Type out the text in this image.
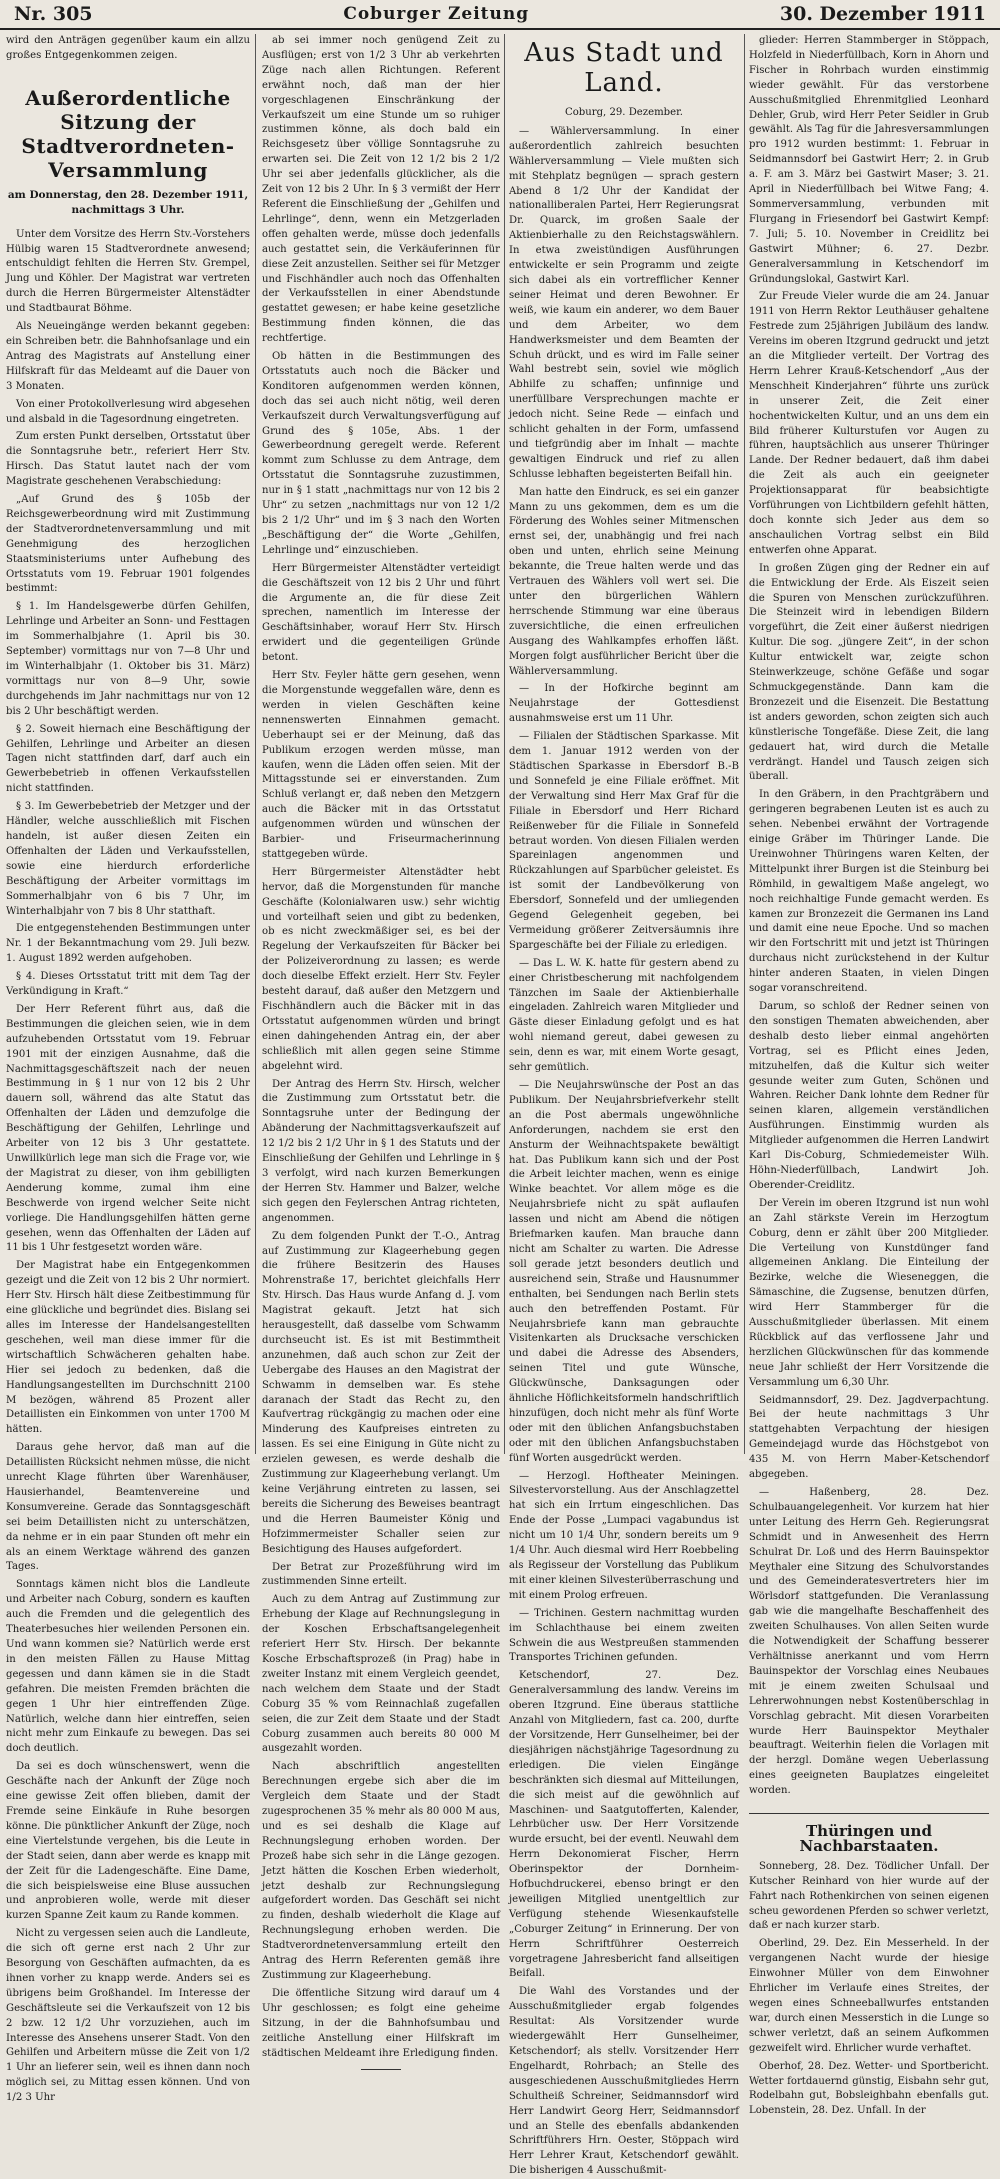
Nr. 305	Coburger Zeitung	30. Dezember 1911

wird den Anträgen gegenüber kaum ein allzu großes Entgegenkommen zeigen.

Außerordentliche Sitzung der Stadtverordneten-Versammlung
am Donnerstag, den 28. Dezember 1911, nachmittags 3 Uhr.

Unter dem Vorsitze des Herrn Stv.-Vorstehers Hülbig waren 15 Stadtverordnete anwesend; entschuldigt fehlten die Herren Stv. Grempel, Jung und Köhler. Der Magistrat war vertreten durch die Herren Bürgermeister Altenstädter und Stadtbaurat Böhme.

Als Neueingänge werden bekannt gegeben: ein Schreiben betr. die Bahnhofsanlage und ein Antrag des Magistrats auf Anstellung einer Hilfskraft für das Meldeamt auf die Dauer von 3 Monaten.

Von einer Protokollverlesung wird abgesehen und alsbald in die Tagesordnung eingetreten.

Zum ersten Punkt derselben, Ortsstatut über die Sonntagsruhe betr., referiert Herr Stv. Hirsch. Das Statut lautet nach der vom Magistrate geschehenen Verabschiedung:

„Auf Grund des § 105b der Reichsgewerbeordnung wird mit Zustimmung der Stadtverordnetenversammlung und mit Genehmigung des herzoglichen Staatsministeriums unter Aufhebung des Ortsstatuts vom 19. Februar 1901 folgendes bestimmt:

§ 1. Im Handelsgewerbe dürfen Gehilfen, Lehrlinge und Arbeiter an Sonn- und Festtagen im Sommerhalbjahre (1. April bis 30. September) vormittags nur von 7—8 Uhr und im Winterhalbjahr (1. Oktober bis 31. März) vormittags nur von 8—9 Uhr, sowie durchgehends im Jahr nachmittags nur von 12 bis 2 Uhr beschäftigt werden.

§ 2. Soweit hiernach eine Beschäftigung der Gehilfen, Lehrlinge und Arbeiter an diesen Tagen nicht stattfinden darf, darf auch ein Gewerbebetrieb in offenen Verkaufsstellen nicht stattfinden.

§ 3. Im Gewerbebetrieb der Metzger und der Händler, welche ausschließlich mit Fischen handeln, ist außer diesen Zeiten ein Offenhalten der Läden und Verkaufsstellen, sowie eine hierdurch erforderliche Beschäftigung der Arbeiter vormittags im Sommerhalbjahr von 6 bis 7 Uhr, im Winterhalbjahr von 7 bis 8 Uhr statthaft.

Die entgegenstehenden Bestimmungen unter Nr. 1 der Bekanntmachung vom 29. Juli bezw. 1. August 1892 werden aufgehoben.

§ 4. Dieses Ortsstatut tritt mit dem Tag der Verkündigung in Kraft.“

Der Herr Referent führt aus, daß die Bestimmungen die gleichen seien, wie in dem aufzuhebenden Ortsstatut vom 19. Februar 1901 mit der einzigen Ausnahme, daß die Nachmittagsgeschäftszeit nach der neuen Bestimmung in § 1 nur von 12 bis 2 Uhr dauern soll, während das alte Statut das Offenhalten der Läden und demzufolge die Beschäftigung der Gehilfen, Lehrlinge und Arbeiter von 12 bis 3 Uhr gestattete. Unwillkürlich lege man sich die Frage vor, wie der Magistrat zu dieser, von ihm gebilligten Aenderung komme, zumal ihm eine Beschwerde von irgend welcher Seite nicht vorliege. Die Handlungsgehilfen hätten gerne gesehen, wenn das Offenhalten der Läden auf 11 bis 1 Uhr festgesetzt worden wäre.

Der Magistrat habe ein Entgegenkommen gezeigt und die Zeit von 12 bis 2 Uhr normiert. Herr Stv. Hirsch hält diese Zeitbestimmung für eine glückliche und begründet dies. Bislang sei alles im Interesse der Handelsangestellten geschehen, weil man diese immer für die wirtschaftlich Schwächeren gehalten habe. Hier sei jedoch zu bedenken, daß die Handlungsangestellten im Durchschnitt 2100 M bezögen, während 85 Prozent aller Detaillisten ein Einkommen von unter 1700 M hätten.

Daraus gehe hervor, daß man auf die Detaillisten Rücksicht nehmen müsse, die nicht unrecht Klage führten über Warenhäuser, Hausierhandel, Beamtenvereine und Konsumvereine. Gerade das Sonntagsgeschäft sei beim Detaillisten nicht zu unterschätzen, da nehme er in ein paar Stunden oft mehr ein als an einem Werktage während des ganzen Tages.

Sonntags kämen nicht blos die Landleute und Arbeiter nach Coburg, sondern es kauften auch die Fremden und die gelegentlich des Theaterbesuches hier weilenden Personen ein. Und wann kommen sie? Natürlich werde erst in den meisten Fällen zu Hause Mittag gegessen und dann kämen sie in die Stadt gefahren. Die meisten Fremden brächten die gegen 1 Uhr hier eintreffenden Züge. Natürlich, welche dann hier eintreffen, seien nicht mehr zum Einkaufe zu bewegen. Das sei doch deutlich.

Da sei es doch wünschenswert, wenn die Geschäfte nach der Ankunft der Züge noch eine gewisse Zeit offen blieben, damit der Fremde seine Einkäufe in Ruhe besorgen könne. Die pünktlicher Ankunft der Züge, noch eine Viertelstunde vergehen, bis die Leute in der Stadt seien, dann aber werde es knapp mit der Zeit für die Ladengeschäfte. Eine Dame, die sich beispielsweise eine Bluse aussuchen und anprobieren wolle, werde mit dieser kurzen Spanne Zeit kaum zu Rande kommen.

Nicht zu vergessen seien auch die Landleute, die sich oft gerne erst nach 2 Uhr zur Besorgung von Geschäften aufmachten, da es ihnen vorher zu knapp werde. Anders sei es übrigens beim Großhandel. Im Interesse der Geschäftsleute sei die Verkaufszeit von 12 bis 2 bzw. 12 1/2 Uhr vorzuziehen, auch im Interesse des Ansehens unserer Stadt. Von den Gehilfen und Arbeitern müsse die Zeit von 1/2 1 Uhr an lieferer sein, weil es ihnen dann noch möglich sei, zu Mittag essen können. Und von 1/2 3 Uhr

ab sei immer noch genügend Zeit zu Ausflügen; erst von 1/2 3 Uhr ab verkehrten Züge nach allen Richtungen. Referent erwähnt noch, daß man der hier vorgeschlagenen Einschränkung der Verkaufszeit um eine Stunde um so ruhiger zustimmen könne, als doch bald ein Reichsgesetz über völlige Sonntagsruhe zu erwarten sei. Die Zeit von 12 1/2 bis 2 1/2 Uhr sei aber jedenfalls glücklicher, als die Zeit von 12 bis 2 Uhr. In § 3 vermißt der Herr Referent die Einschließung der „Gehilfen und Lehrlinge“, denn, wenn ein Metzgerladen offen gehalten werde, müsse doch jedenfalls auch gestattet sein, die Verkäuferinnen für diese Zeit anzustellen. Seither sei für Metzger und Fischhändler auch noch das Offenhalten der Verkaufsstellen in einer Abendstunde gestattet gewesen; er habe keine gesetzliche Bestimmung finden können, die das rechtfertige.

Ob hätten in die Bestimmungen des Ortsstatuts auch noch die Bäcker und Konditoren aufgenommen werden können, doch das sei auch nicht nötig, weil deren Verkaufszeit durch Verwaltungsverfügung auf Grund des § 105e, Abs. 1 der Gewerbeordnung geregelt werde. Referent kommt zum Schlusse zu dem Antrage, dem Ortsstatut die Sonntagsruhe zuzustimmen, nur in § 1 statt „nachmittags nur von 12 bis 2 Uhr“ zu setzen „nachmittags nur von 12 1/2 bis 2 1/2 Uhr“ und im § 3 nach den Worten „Beschäftigung der“ die Worte „Gehilfen, Lehrlinge und“ einzuschieben.

Herr Bürgermeister Altenstädter verteidigt die Geschäftszeit von 12 bis 2 Uhr und führt die Argumente an, die für diese Zeit sprechen, namentlich im Interesse der Geschäftsinhaber, worauf Herr Stv. Hirsch erwidert und die gegenteiligen Gründe betont.

Herr Stv. Feyler hätte gern gesehen, wenn die Morgenstunde weggefallen wäre, denn es werden in vielen Geschäften keine nennenswerten Einnahmen gemacht. Ueberhaupt sei er der Meinung, daß das Publikum erzogen werden müsse, man kaufen, wenn die Läden offen seien. Mit der Mittagsstunde sei er einverstanden. Zum Schluß verlangt er, daß neben den Metzgern auch die Bäcker mit in das Ortsstatut aufgenommen würden und wünschen der Barbier- und Friseurmacherinnung stattgegeben würde.

Herr Bürgermeister Altenstädter hebt hervor, daß die Morgenstunden für manche Geschäfte (Kolonialwaren usw.) sehr wichtig und vorteilhaft seien und gibt zu bedenken, ob es nicht zweckmäßiger sei, es bei der Regelung der Verkaufszeiten für Bäcker bei der Polizeiverordnung zu lassen; es werde doch dieselbe Effekt erzielt. Herr Stv. Feyler besteht darauf, daß außer den Metzgern und Fischhändlern auch die Bäcker mit in das Ortsstatut aufgenommen würden und bringt einen dahingehenden Antrag ein, der aber schließlich mit allen gegen seine Stimme abgelehnt wird.

Der Antrag des Herrn Stv. Hirsch, welcher die Zustimmung zum Ortsstatut betr. die Sonntagsruhe unter der Bedingung der Abänderung der Nachmittagsverkaufszeit auf 12 1/2 bis 2 1/2 Uhr in § 1 des Statuts und der Einschließung der Gehilfen und Lehrlinge in § 3 verfolgt, wird nach kurzen Bemerkungen der Herren Stv. Hammer und Balzer, welche sich gegen den Feylerschen Antrag richteten, angenommen.

Zu dem folgenden Punkt der T.-O., Antrag auf Zustimmung zur Klageerhebung gegen die frühere Besitzerin des Hauses Mohrenstraße 17, berichtet gleichfalls Herr Stv. Hirsch. Das Haus wurde Anfang d. J. vom Magistrat gekauft. Jetzt hat sich herausgestellt, daß dasselbe vom Schwamm durchseucht ist. Es ist mit Bestimmtheit anzunehmen, daß auch schon zur Zeit der Uebergabe des Hauses an den Magistrat der Schwamm in demselben war. Es stehe daranach der Stadt das Recht zu, den Kaufvertrag rückgängig zu machen oder eine Minderung des Kaufpreises eintreten zu lassen. Es sei eine Einigung in Güte nicht zu erzielen gewesen, es werde deshalb die Zustimmung zur Klageerhebung verlangt. Um keine Verjährung eintreten zu lassen, sei bereits die Sicherung des Beweises beantragt und die Herren Baumeister König und Hofzimmermeister Schaller seien zur Besichtigung des Hauses aufgefordert.

Der Betrat zur Prozeßführung wird im zustimmenden Sinne erteilt.

Auch zu dem Antrag auf Zustimmung zur Erhebung der Klage auf Rechnungslegung in der Koschen Erbschaftsangelegenheit referiert Herr Stv. Hirsch. Der bekannte Kosche Erbschaftsprozeß (in Prag) habe in zweiter Instanz mit einem Vergleich geendet, nach welchem dem Staate und der Stadt Coburg 35 % vom Reinnachlaß zugefallen seien, die zur Zeit dem Staate und der Stadt Coburg zusammen auch bereits 80 000 M ausgezahlt worden.

Nach abschriftlich angestellten Berechnungen ergebe sich aber die im Vergleich dem Staate und der Stadt zugesprochenen 35 % mehr als 80 000 M aus, und es sei deshalb die Klage auf Rechnungslegung erhoben worden. Der Prozeß habe sich sehr in die Länge gezogen. Jetzt hätten die Koschen Erben wiederholt, jetzt deshalb zur Rechnungslegung aufgefordert worden. Das Geschäft sei nicht zu finden, deshalb wiederholt die Klage auf Rechnungslegung erhoben werden. Die Stadtverordnetenversammlung erteilt den Antrag des Herrn Referenten gemäß ihre Zustimmung zur Klageerhebung.

Die öffentliche Sitzung wird darauf um 4 Uhr geschlossen; es folgt eine geheime Sitzung, in der die Bahnhofsumbau und zeitliche Anstellung einer Hilfskraft im städtischen Meldeamt ihre Erledigung finden.

Aus Stadt und Land.
Coburg, 29. Dezember.

— Wählerversammlung. In einer außerordentlich zahlreich besuchten Wählerversammlung — Viele mußten sich mit Stehplatz begnügen — sprach gestern Abend 8 1/2 Uhr der Kandidat der nationalliberalen Partei, Herr Regierungsrat Dr. Quarck, im großen Saale der Aktienbierhalle zu den Reichstagswählern. In etwa zweistündigen Ausführungen entwickelte er sein Programm und zeigte sich dabei als ein vortrefflicher Kenner seiner Heimat und deren Bewohner. Er weiß, wie kaum ein anderer, wo dem Bauer und dem Arbeiter, wo dem Handwerksmeister und dem Beamten der Schuh drückt, und es wird im Falle seiner Wahl bestrebt sein, soviel wie möglich Abhilfe zu schaffen; unfinnige und unerfüllbare Versprechungen machte er jedoch nicht. Seine Rede — einfach und schlicht gehalten in der Form, umfassend und tiefgründig aber im Inhalt — machte gewaltigen Eindruck und rief zu allen Schlusse lebhaften begeisterten Beifall hin.

Man hatte den Eindruck, es sei ein ganzer Mann zu uns gekommen, dem es um die Förderung des Wohles seiner Mitmenschen ernst sei, der, unabhängig und frei nach oben und unten, ehrlich seine Meinung bekannte, die Treue halten werde und das Vertrauen des Wählers voll wert sei. Die unter den bürgerlichen Wählern herrschende Stimmung war eine überaus zuversichtliche, die einen erfreulichen Ausgang des Wahlkampfes erhoffen läßt. Morgen folgt ausführlicher Bericht über die Wählerversammlung.

— In der Hofkirche beginnt am Neujahrstage der Gottesdienst ausnahmsweise erst um 11 Uhr.

— Filialen der Städtischen Sparkasse. Mit dem 1. Januar 1912 werden von der Städtischen Sparkasse in Ebersdorf B.-B und Sonnefeld je eine Filiale eröffnet. Mit der Verwaltung sind Herr Max Graf für die Filiale in Ebersdorf und Herr Richard Reißenweber für die Filiale in Sonnefeld betraut worden. Von diesen Filialen werden Spareinlagen angenommen und Rückzahlungen auf Sparbücher geleistet. Es ist somit der Landbevölkerung von Ebersdorf, Sonnefeld und der umliegenden Gegend Gelegenheit gegeben, bei Vermeidung größerer Zeitversäumnis ihre Spargeschäfte bei der Filiale zu erledigen.

— Das L. W. K. hatte für gestern abend zu einer Christbescherung mit nachfolgendem Tänzchen im Saale der Aktienbierhalle eingeladen. Zahlreich waren Mitglieder und Gäste dieser Einladung gefolgt und es hat wohl niemand gereut, dabei gewesen zu sein, denn es war, mit einem Worte gesagt, sehr gemütlich.

— Die Neujahrswünsche der Post an das Publikum. Der Neujahrsbriefverkehr stellt an die Post abermals ungewöhnliche Anforderungen, nachdem sie erst den Ansturm der Weihnachtspakete bewältigt hat. Das Publikum kann sich und der Post die Arbeit leichter machen, wenn es einige Winke beachtet. Vor allem möge es die Neujahrsbriefe nicht zu spät auflaufen lassen und nicht am Abend die nötigen Briefmarken kaufen. Man brauche dann nicht am Schalter zu warten. Die Adresse soll gerade jetzt besonders deutlich und ausreichend sein, Straße und Hausnummer enthalten, bei Sendungen nach Berlin stets auch den betreffenden Postamt. Für Neujahrsbriefe kann man gebrauchte Visitenkarten als Drucksache verschicken und dabei die Adresse des Absenders, seinen Titel und gute Wünsche, Glückwünsche, Danksagungen oder ähnliche Höflichkeitsformeln handschriftlich hinzufügen, doch nicht mehr als fünf Worte oder mit den üblichen Anfangsbuchstaben oder mit den üblichen Anfangsbuchstaben fünf Worten ausgedrückt werden.

— Herzogl. Hoftheater Meiningen. Silvestervorstellung. Aus der Anschlagzettel hat sich ein Irrtum eingeschlichen. Das Ende der Posse „Lumpaci vagabundus ist nicht um 10 1/4 Uhr, sondern bereits um 9 1/4 Uhr. Auch diesmal wird Herr Roebbeling als Regisseur der Vorstellung das Publikum mit einer kleinen Silvesterüberraschung und mit einem Prolog erfreuen.

— Trichinen. Gestern nachmittag wurden im Schlachthause bei einem zweiten Schwein die aus Westpreußen stammenden Transportes Trichinen gefunden.

Ketschendorf, 27. Dez. Generalversammlung des landw. Vereins im oberen Itzgrund. Eine überaus stattliche Anzahl von Mitgliedern, fast ca. 200, durfte der Vorsitzende, Herr Gunselheimer, bei der diesjährigen nächstjährige Tagesordnung zu erledigen. Die vielen Eingänge beschränkten sich diesmal auf Mitteilungen, die sich meist auf die gewöhnlich auf Maschinen- und Saatgutofferten, Kalender, Lehrbücher usw. Der Herr Vorsitzende wurde ersucht, bei der eventl. Neuwahl dem Herrn Dekonomierat Fischer, Herrn Oberinspektor der Dornheim-Hofbuchdruckerei, ebenso bringt er den jeweiligen Mitglied unentgeltlich zur Verfügung stehende Wiesenkaufstelle „Coburger Zeitung“ in Erinnerung. Der von Herrn Schriftführer Oesterreich vorgetragene Jahresbericht fand allseitigen Beifall.

Die Wahl des Vorstandes und der Ausschußmitglieder ergab folgendes Resultat: Als Vorsitzender wurde wiedergewählt Herr Gunselheimer, Ketschendorf; als stellv. Vorsitzender Herr Engelhardt, Rohrbach; an Stelle des ausgeschiedenen Ausschußmitgliedes Herrn Schultheiß Schreiner, Seidmannsdorf wird Herr Landwirt Georg Herr, Seidmannsdorf und an Stelle des ebenfalls abdankenden Schriftführers Hrn. Oester, Stöppach wird Herr Lehrer Kraut, Ketschendorf gewählt. Die bisherigen 4 Ausschußmit-

glieder: Herren Stammberger in Stöppach, Holzfeld in Niederfüllbach, Korn in Ahorn und Fischer in Rohrbach wurden einstimmig wieder gewählt. Für das verstorbene Ausschußmitglied Ehrenmitglied Leonhard Dehler, Grub, wird Herr Peter Seidler in Grub gewählt. Als Tag für die Jahresversammlungen pro 1912 wurden bestimmt: 1. Februar in Seidmannsdorf bei Gastwirt Herr; 2. in Grub a. F. am 3. März bei Gastwirt Maser; 3. 21. April in Niederfüllbach bei Witwe Fang; 4. Sommerversammlung, verbunden mit Flurgang in Friesendorf bei Gastwirt Kempf: 7. Juli; 5. 10. November in Creidlitz bei Gastwirt Mühner; 6. 27. Dezbr. Generalversammlung in Ketschendorf im Gründungslokal, Gastwirt Karl.

Zur Freude Vieler wurde die am 24. Januar 1911 von Herrn Rektor Leuthäuser gehaltene Festrede zum 25jährigen Jubiläum des landw. Vereins im oberen Itzgrund gedruckt und jetzt an die Mitglieder verteilt. Der Vortrag des Herrn Lehrer Krauß-Ketschendorf „Aus der Menschheit Kinderjahren“ führte uns zurück in unserer Zeit, die Zeit einer hochentwickelten Kultur, und an uns dem ein Bild früherer Kulturstufen vor Augen zu führen, hauptsächlich aus unserer Thüringer Lande. Der Redner bedauert, daß ihm dabei die Zeit als auch ein geeigneter Projektionsapparat für beabsichtigte Vorführungen von Lichtbildern gefehlt hätten, doch konnte sich Jeder aus dem so anschaulichen Vortrag selbst ein Bild entwerfen ohne Apparat.

In großen Zügen ging der Redner ein auf die Entwicklung der Erde. Als Eiszeit seien die Spuren von Menschen zurückzuführen. Die Steinzeit wird in lebendigen Bildern vorgeführt, die Zeit einer äußerst niedrigen Kultur. Die sog. „jüngere Zeit“, in der schon Kultur entwickelt war, zeigte schon Steinwerkzeuge, schöne Gefäße und sogar Schmuckgegenstände. Dann kam die Bronzezeit und die Eisenzeit. Die Bestattung ist anders geworden, schon zeigten sich auch künstlerische Tongefäße. Diese Zeit, die lang gedauert hat, wird durch die Metalle verdrängt. Handel und Tausch zeigen sich überall.

In den Gräbern, in den Prachtgräbern und geringeren begrabenen Leuten ist es auch zu sehen. Nebenbei erwähnt der Vortragende einige Gräber im Thüringer Lande. Die Ureinwohner Thüringens waren Kelten, der Mittelpunkt ihrer Burgen ist die Steinburg bei Römhild, in gewaltigem Maße angelegt, wo noch reichhaltige Funde gemacht werden. Es kamen zur Bronzezeit die Germanen ins Land und damit eine neue Epoche. Und so machen wir den Fortschritt mit und jetzt ist Thüringen durchaus nicht zurückstehend in der Kultur hinter anderen Staaten, in vielen Dingen sogar voranschreitend.

Darum, so schloß der Redner seinen von den sonstigen Thematen abweichenden, aber deshalb desto lieber einmal angehörten Vortrag, sei es Pflicht eines Jeden, mitzuhelfen, daß die Kultur sich weiter gesunde weiter zum Guten, Schönen und Wahren. Reicher Dank lohnte dem Redner für seinen klaren, allgemein verständlichen Ausführungen. Einstimmig wurden als Mitglieder aufgenommen die Herren Landwirt Karl Dis-Coburg, Schmiedemeister Wilh. Höhn-Niederfüllbach, Landwirt Joh. Oberender-Creidlitz.

Der Verein im oberen Itzgrund ist nun wohl an Zahl stärkste Verein im Herzogtum Coburg, denn er zählt über 200 Mitglieder. Die Verteilung von Kunstdünger fand allgemeinen Anklang. Die Einteilung der Bezirke, welche die Wieseneggen, die Sämaschine, die Zugsense, benutzen dürfen, wird Herr Stammberger für die Ausschußmitglieder überlassen. Mit einem Rückblick auf das verflossene Jahr und herzlichen Glückwünschen für das kommende neue Jahr schließt der Herr Vorsitzende die Versammlung um 6,30 Uhr.

Seidmannsdorf, 29. Dez. Jagdverpachtung. Bei der heute nachmittags 3 Uhr stattgehabten Verpachtung der hiesigen Gemeindejagd wurde das Höchstgebot von 435 M. von Herrn Maber-Ketschendorf abgegeben.

— Haßenberg, 28. Dez. Schulbauangelegenheit. Vor kurzem hat hier unter Leitung des Herrn Geh. Regierungsrat Schmidt und in Anwesenheit des Herrn Schulrat Dr. Loß und des Herrn Bauinspektor Meythaler eine Sitzung des Schulvorstandes und des Gemeinderatesvertreters hier im Wörlsdorf stattgefunden. Die Veranlassung gab wie die mangelhafte Beschaffenheit des zweiten Schulhauses. Von allen Seiten wurde die Notwendigkeit der Schaffung besserer Verhältnisse anerkannt und vom Herrn Bauinspektor der Vorschlag eines Neubaues mit je einem zweiten Schulsaal und Lehrerwohnungen nebst Kostenüberschlag in Vorschlag gebracht. Mit diesen Vorarbeiten wurde Herr Bauinspektor Meythaler beauftragt. Weiterhin fielen die Vorlagen mit der herzgl. Domäne wegen Ueberlassung eines geeigneten Bauplatzes eingeleitet worden.

Thüringen und Nachbarstaaten.

Sonneberg, 28. Dez. Tödlicher Unfall. Der Kutscher Reinhard von hier wurde auf der Fahrt nach Rothenkirchen von seinen eigenen scheu gewordenen Pferden so schwer verletzt, daß er nach kurzer starb.

Oberlind, 29. Dez. Ein Messerheld. In der vergangenen Nacht wurde der hiesige Einwohner Müller von dem Einwohner Ehrlicher im Verlaufe eines Streites, der wegen eines Schneeballwurfes entstanden war, durch einen Messerstich in die Lunge so schwer verletzt, daß an seinem Aufkommen gezweifelt wird. Ehrlicher wurde verhaftet.

Oberhof, 28. Dez. Wetter- und Sportbericht. Wetter fortdauernd günstig, Eisbahn sehr gut, Rodelbahn gut, Bobsleighbahn ebenfalls gut. Lobenstein, 28. Dez. Unfall. In der
